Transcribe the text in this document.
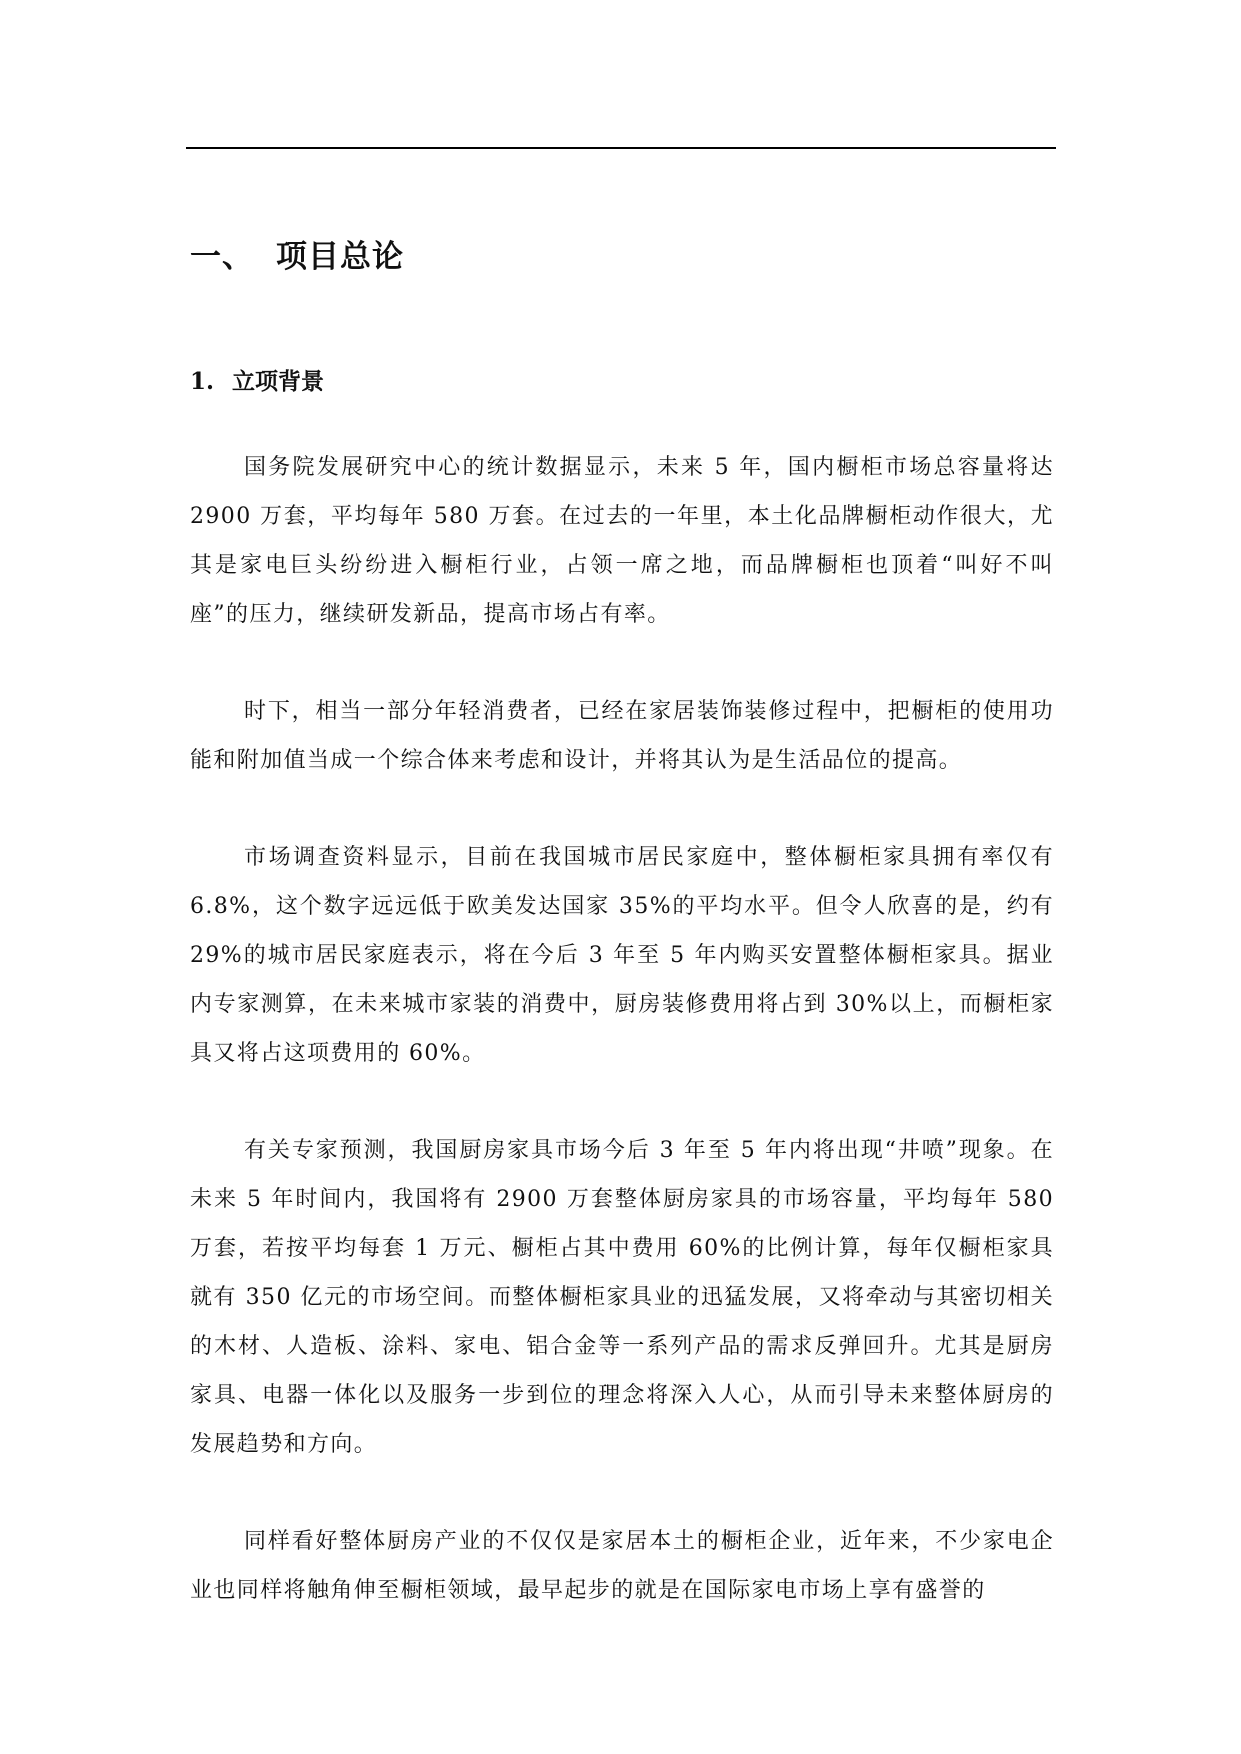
一、 项目总论
1. 立项背景

国务院发展研究中心的统计数据显示，未来 5 年，国内橱柜市场总容量将达 2900 万套，平均每年 580 万套。在过去的一年里，本土化品牌橱柜动作很大，尤其是家电巨头纷纷进入橱柜行业，占领一席之地，而品牌橱柜也顶着“叫好不叫座”的压力，继续研发新品，提高市场占有率。

时下，相当一部分年轻消费者，已经在家居装饰装修过程中，把橱柜的使用功能和附加值当成一个综合体来考虑和设计，并将其认为是生活品位的提高。

市场调查资料显示，目前在我国城市居民家庭中，整体橱柜家具拥有率仅有 6.8%，这个数字远远低于欧美发达国家 35%的平均水平。但令人欣喜的是，约有 29%的城市居民家庭表示，将在今后 3 年至 5 年内购买安置整体橱柜家具。据业内专家测算，在未来城市家装的消费中，厨房装修费用将占到 30%以上，而橱柜家具又将占这项费用的 60%。

有关专家预测，我国厨房家具市场今后 3 年至 5 年内将出现“井喷”现象。在未来 5 年时间内，我国将有 2900 万套整体厨房家具的市场容量，平均每年 580 万套，若按平均每套 1 万元、橱柜占其中费用 60%的比例计算，每年仅橱柜家具就有 350 亿元的市场空间。而整体橱柜家具业的迅猛发展，又将牵动与其密切相关的木材、人造板、涂料、家电、铝合金等一系列产品的需求反弹回升。尤其是厨房家具、电器一体化以及服务一步到位的理念将深入人心，从而引导未来整体厨房的发展趋势和方向。

同样看好整体厨房产业的不仅仅是家居本土的橱柜企业，近年来，不少家电企业也同样将触角伸至橱柜领域，最早起步的就是在国际家电市场上享有盛誉的
